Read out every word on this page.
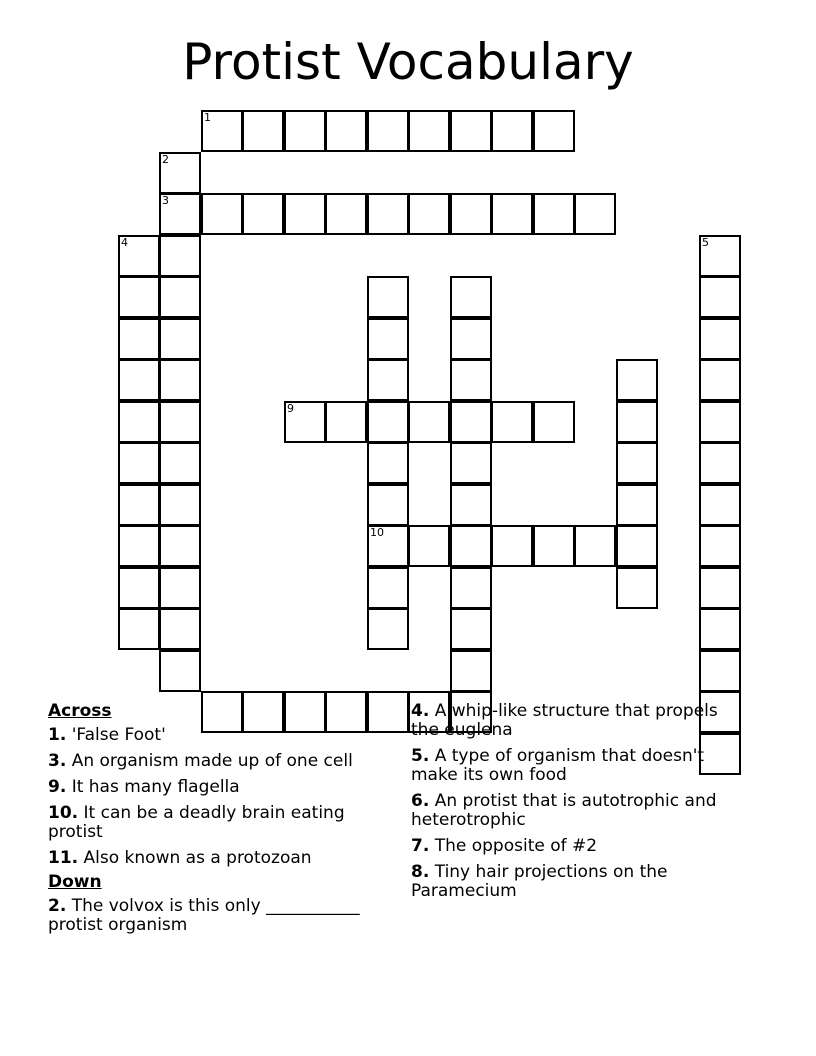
Protist Vocabulary
1
2
3
4	5
9
10
Across
1. 'False Foot'
3. An organism made up of one cell
9. It has many flagella
10. It can be a deadly brain eating protist
11. Also known as a protozoan
Down
2. The volvox is this only ___________ protist organism
4. A whip-like structure that propels the euglena
5. A type of organism that doesn't make its own food
6. An protist that is autotrophic and heterotrophic
7. The opposite of #2
8. Tiny hair projections on the Paramecium
